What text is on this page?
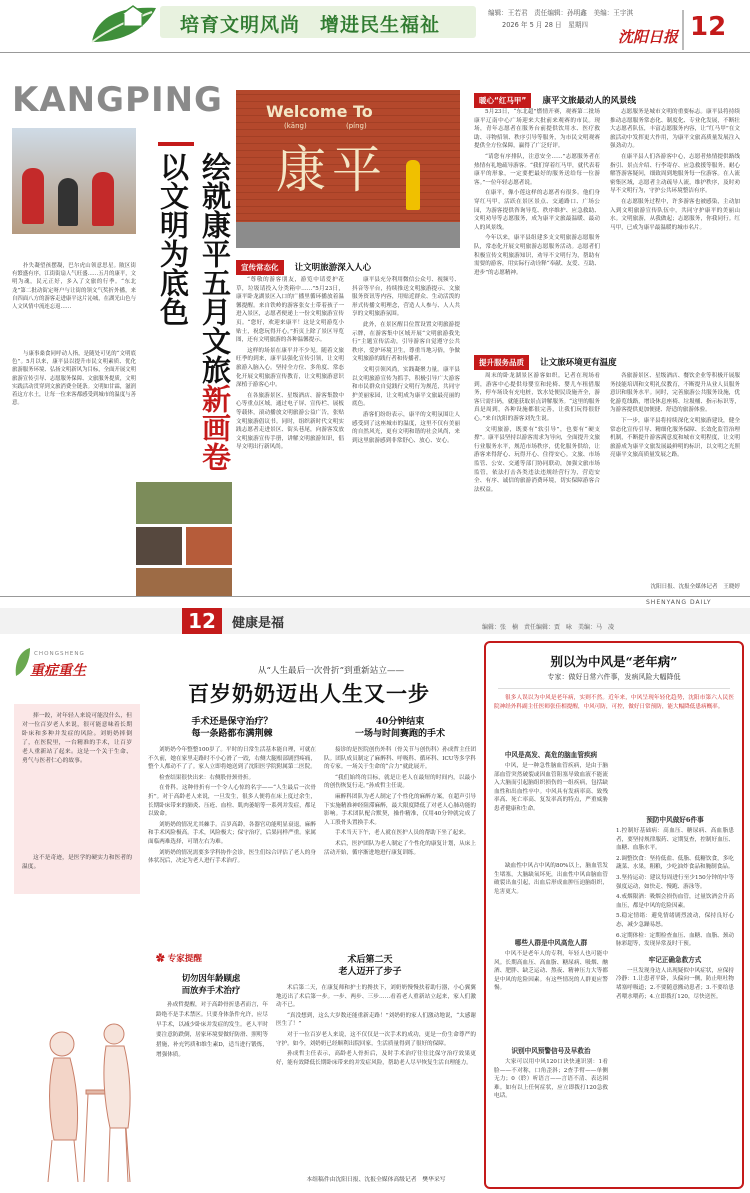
培育文明风尚　增进民生福祉
编辑：王若君　责任编辑：孙明鑫　美编：王宇淇
2026 年 5 月 28 日　星期四
沈阳日报 12
KANGPING
绘就康平五月文旅新画卷 以文明为底色
扑失凝望孩摆凝，巴尔虎山领意思星。陂区街有繁盛有序，江街街扇人气旺盛……五月的康平，文明为魂，民元正好，多入了文旅的行季。“东北龙”第二批动街定呀户与让街的领文气奖折外播，来自四面八方的游客走进康平这片沁城，在湖光山色与人文风情中流连忘返……
与康事桑食同呼动人指，是随处可见的“文明底色”。5月以来，康平县以提升市民文明素质、优化旅游服务环境、弘扬文明新风为目标，全面开展文明旅游宣传引导、志愿服务保障、文旅服务提质，文明实践活动贯穿到文旅消费全链条。文明如甘霖，滋润着这方水土，让每一位来客都感受到城市的温度与善意。
Welcome To
(kāng)	(píng)
康平
宣传常态化 让文明旅游深入人心

“尊敬的游客朋友，游览中请爱护花草，垃圾请投入分类箱中……”5月23日，康平卧龙湖景区入口的广播里循环播放着温馨提醒。来自铁岭的游客张女士带着孩子一进入景区，志愿者便递上一份文明旅游宣传页。“您好，欢迎来康平！这是文明游览小贴士，祝您玩得开心。”折页上除了景区导览图，还有文明旅游的各种温馨提示。

这样的场景在康平并不少见。随着文旅旺季的到来，康平县强化宣传引领，让文明旅游入脑入心。坚持全方位、多角度、常态化开展文明旅游宣传教育，让文明旅游意识深植于游客心中。

在各旅游景区、星级酒店、游客集散中心等重点区域，通过电子屏、宣传栏、展板等载体，滚动播放文明旅游公益广告，张贴文明旅游倡议书。同时，组织新时代文明实践志愿者走进景区、街头巷尾，向游客发放文明旅游宣传手册，讲解文明旅游知识，倡导文明出行新风尚。

康平县充分利用微信公众号、视频号、抖音等平台，持续推送文明旅游提示、文旅服务资讯等内容，用贴近群众、生动活泼的形式传播文明理念，营造人人参与、人人共享的文明旅游氛围。

此外，在景区醒目位置设置文明旅游提示牌，在游客集中区域开展“文明旅游我先行”主题宣传活动，引导游客自觉遵守公共秩序，爱护环境卫生，尊重当地习俗，争做文明旅游的践行者和传播者。

文明引领风尚，实践凝聚力量。康平县以文明旅游宣传为抓手，积极引导广大游客和市民群众自觉践行文明行为规范，共同守护美丽家园，让文明成为康平文旅最亮丽的底色。

游客们纷纷表示，康平的文明氛围让人感受到了这座城市的温度，这里不仅有美丽的自然风光，更有文明和谐的社会风尚，来到这里旅游感到非常舒心、放心、安心。

暖心“红马甲” 康平文旅最动人的风景线

5月23日，“东北超”燃情开赛，观赛第二批场康平辽南中心广场迎来大批前来观赛的市民。现场，青年志愿者在服务台前提供饮用水、医疗救助、寻物招领、秩序引导等服务，为市民文明观赛提供全方位保障，赢得了广泛好评。

“请您有序排队，注意安全……”志愿服务者在热情有礼地疏导游客。“我们穿着红马甲，就代表着康平的形象，一定要把最好的服务送给每一位游客。”一位年轻志愿者说。

在康平，像小莲这样的志愿者有很多。他们身穿红马甲，活跃在景区景点、交通路口、广场公园，为游客提供咨询导览、秩序维护、应急救助、文明劝导等志愿服务，成为康平文旅最温暖、最动人的风景线。

今年以来，康平县组建多支文明旅游志愿服务队，常态化开展文明旅游志愿服务活动。志愿者们积极宣传文明旅游知识，劝导不文明行为，帮助有需要的游客，用实际行动诠释“奉献、友爱、互助、进步”的志愿精神。

志愿服务是城市文明的重要标志。康平县将持续推动志愿服务常态化、制度化、专业化发展，不断壮大志愿者队伍，丰富志愿服务内容，让“红马甲”在文旅活动中发挥更大作用，为康平文旅高质量发展注入强劲动力。

在康平县人们各游客中心，志愿者热情提供路线指引、景点介绍、行李寄存、应急救援等服务，耐心解答游客疑问，细致周到地服务每一位游客。在人流密集区域，志愿者主动疏导人流，维护秩序，及时劝导不文明行为，守护公共环境整洁有序。

在志愿服务过程中，许多游客也被感染，主动加入到文明旅游宣传队伍中，共同守护康平的美丽山水。文明旅游，从我做起；志愿服务，你我同行。红马甲，已成为康平最温暖的城市名片。

提升服务品质 让文旅环境更有温度

周末的卧龙湖景区游客如织。记者在现场看到，游客中心提供母婴室和轮椅、婴儿车租借服务，停车场设有充电桩，饮水处便民设施齐全，游客只需扫码，就能获取景点讲解服务。“这里的服务真是周到，各种设施都很完善，让我们玩得很舒心。”来自沈阳的游客刘先生说。

文明旅游，既要有“软引导”，也要有“硬支撑”。康平县坚持以游客需求为导向，全面提升文旅行业服务水平，规范市场秩序，优化服务供给，让游客来得舒心、玩得开心、住得安心。文旅、市场监管、公安、交通等部门协同联动，加强文旅市场监管，依法打击各类违法违规经营行为，营造安全、有序、诚信的旅游消费环境，切实保障游客合法权益。

各旅游景区、星级酒店、餐饮企业等积极开展服务技能培训和文明礼仪教育，不断提升从业人员服务意识和服务水平。同时，完善旅游公共服务设施，优化游览线路，增设休息座椅、垃圾桶、指示标识等，为游客提供更加便捷、舒适的旅游体验。

下一步，康平县将持续深化文明旅游建设，健全常态化宣传引导、精细化服务保障、长效化监管治理机制，不断提升游客满意度和城市文明程度，让文明旅游成为康平文旅发展最鲜明的标识，以文明之光照亮康平文旅高质量发展之路。

沈阳日报、沈报全媒体记者　王晓婷
SHENYANG DAILY
12	健康是福	编辑：张　楠　责任编辑：贾　咏　美编：马　凌
CHONGSHENG
重症重生	从“人生最后一次骨折”到重新站立——
百岁奶奶迈出人生又一步
摔一跤，对年轻人来说可能没什么，但对一位百岁老人来说，很可能意味着长期卧床和多种并发症的风险。刘奶奶摔倒了，在医院里，一台精准的手术，让百岁老人重新站了起来。这是一个关于生命、勇气与医者仁心的故事。
这不是奇迹，是医学的硬实力和医者的温度。
手术还是保守治疗？
每一条路都布满荆棘

刘奶奶今年整整100岁了。平时的日常生活基本能自理，可就在不久前，她在家里走路时不小心滑了一跤，右侧大腿根部剧烈疼痛，整个人都动不了了。家人立即将她送到了沈阳医学院附属第二医院。

检查结果很快出来：右侧股骨颈骨折。

在骨科，这种骨折有一个令人心惊的名字——“人生最后一次骨折”。对于高龄老人来说，一旦发生，很多人便将在床上度过余生，长期卧床带来的肺炎、压疮、血栓、肌肉萎缩等一系列并发症，都足以致命。

刘奶奶的情况尤其棘手。百岁高龄，各器官功能明显衰退，麻醉和手术风险极高。手术，风险极大；保守治疗，后果同样严重。家属面临两难选择，可谓左右为难。

刘奶奶的情况需要多学科协作会诊，医生们综合评估了老人的身体状况后，决定为老人进行手术治疗。

40分钟结束
一场与时间赛跑的手术

接诊的是医院创伤外科（骨关节与创伤科）孙成哲主任团队。团队成员制定了麻醉科、呼吸科、循环科、ICU等多学科的专家。一场关于生命的“合力”就此展开。

“我们始终的目标，就是让老人在最短的时间内，以最小的创伤恢复行走。”孙成哲主任说。

麻醉科团队为老人制定了个性化的麻醉方案，在超声引导下实施精准神经阻滞麻醉，最大限度降低了对老人心肺功能的影响。手术团队配合默契，操作精准，仅用40分钟就完成了人工股骨头置换手术。

手术当天下午，老人就在医护人员的帮助下坐了起来。

术后，医护团队为老人制定了个性化的康复计划，从床上活动开始，循序渐进地进行康复训练。

✿ 专家提醒
切勿因年龄顾虑
而放弃手术治疗
孙成哲提醒，对于高龄骨折患者而言，年龄绝不是手术禁区。只要身体条件允许，应尽早手术，以减少卧床并发症的发生。老人平时要注意防跌倒，居家环境要做好防滑、照明等措施，补充钙质和维生素D，适当进行锻炼，增强体质。
术后第二天
老人迈开了步子

术后第二天，在康复师和护士的搀扶下，刘奶奶慢慢扶着助行器，小心翼翼地迈出了术后第一步。一步、两步、三步……看着老人重新站立起来，家人们激动不已。

“真没想到，这么大岁数还能重新走路！”刘奶奶的家人们激动地说，“太感谢医生了！”

对于一位百岁老人来说，这不仅仅是一次手术的成功，更是一份生命尊严的守护。如今，刘奶奶已经顺利出院回家，生活质量得到了很好的保障。

孙成哲主任表示，高龄老人骨折后，及时手术治疗往往比保守治疗效果更好，能有效降低长期卧床带来的并发症风险，帮助老人尽早恢复生活自理能力。

本组稿件由沈阳日报、沈报全媒体高级记者　樊华采写
别以为中风是“老年病”
专家：做好日常六件事，发病风险大幅降低
很多人误以为中风是老年病，实则不然。近年来，中风呈现年轻化趋势，沈阳市第六人民医院神经外科副主任医师张佳相提醒，中风可防，可控，做好日常预防，能大幅降低患病概率。
中风是高发、高危的脑血管疾病
中风，是一种急性脑血管疾病，是由于脑部血管突然破裂或因血管阻塞导致血液不能流入大脑而引起脑组织损伤的一组疾病，包括缺血性和出血性卒中。中风具有发病率高、致残率高、死亡率高、复发率高的特点，严重威胁患者健康和生命。
缺血性中风占中风的80%以上，脑血管发生堵塞，大脑缺氧坏死，出血性中风由脑血管破裂出血引起，出血后形成血肿压迫脑组织，危害更大。
哪些人群是中风高危人群
中风不是老年人的专利，年轻人也可能中风。长期高血压、高血脂、糖尿病、吸烟、酗酒、肥胖、缺乏运动、熬夜、精神压力大等都是中风的危险因素。有这些情况的人群更应警惕。
识别中风预警信号及早救治
大家可以用中风120口诀快速识别：1看脸——不对称，口角歪斜；2查手臂——单侧无力；0（聆）听语言——言语不清、表达困难。如有以上任何症状，应立即拨打120急救电话。
预防中风做好6件事

1.控制好基础病：高血压、糖尿病、高血脂患者，要坚持规律服药、定期复查，控制好血压、血糖、血脂水平。

2.调整饮食：坚持低盐、低脂、低糖饮食，多吃蔬菜、水果，粗粮，少吃油炸食品和腌制食品。

3.坚持运动：建议每周进行至少150分钟的中等强度运动，如快走、慢跑、游泳等。

4.戒烟限酒：吸烟会损伤血管，过量饮酒会升高血压，都是中风的危险因素。

5.稳定情绪：避免情绪剧烈波动，保持良好心态，减少急躁易怒。

6.定期体检：定期检查血压、血糖、血脂、颈动脉彩超等，发现异常及时干预。

牢记正确急救方式
一旦发现身边人出现疑似中风症状，应保持冷静：1.让患者平卧，头偏向一侧，防止呕吐物堵塞呼吸道；2.不要随意搬动患者；3.不要给患者喂水喂药；4.立即拨打120，尽快送医。
